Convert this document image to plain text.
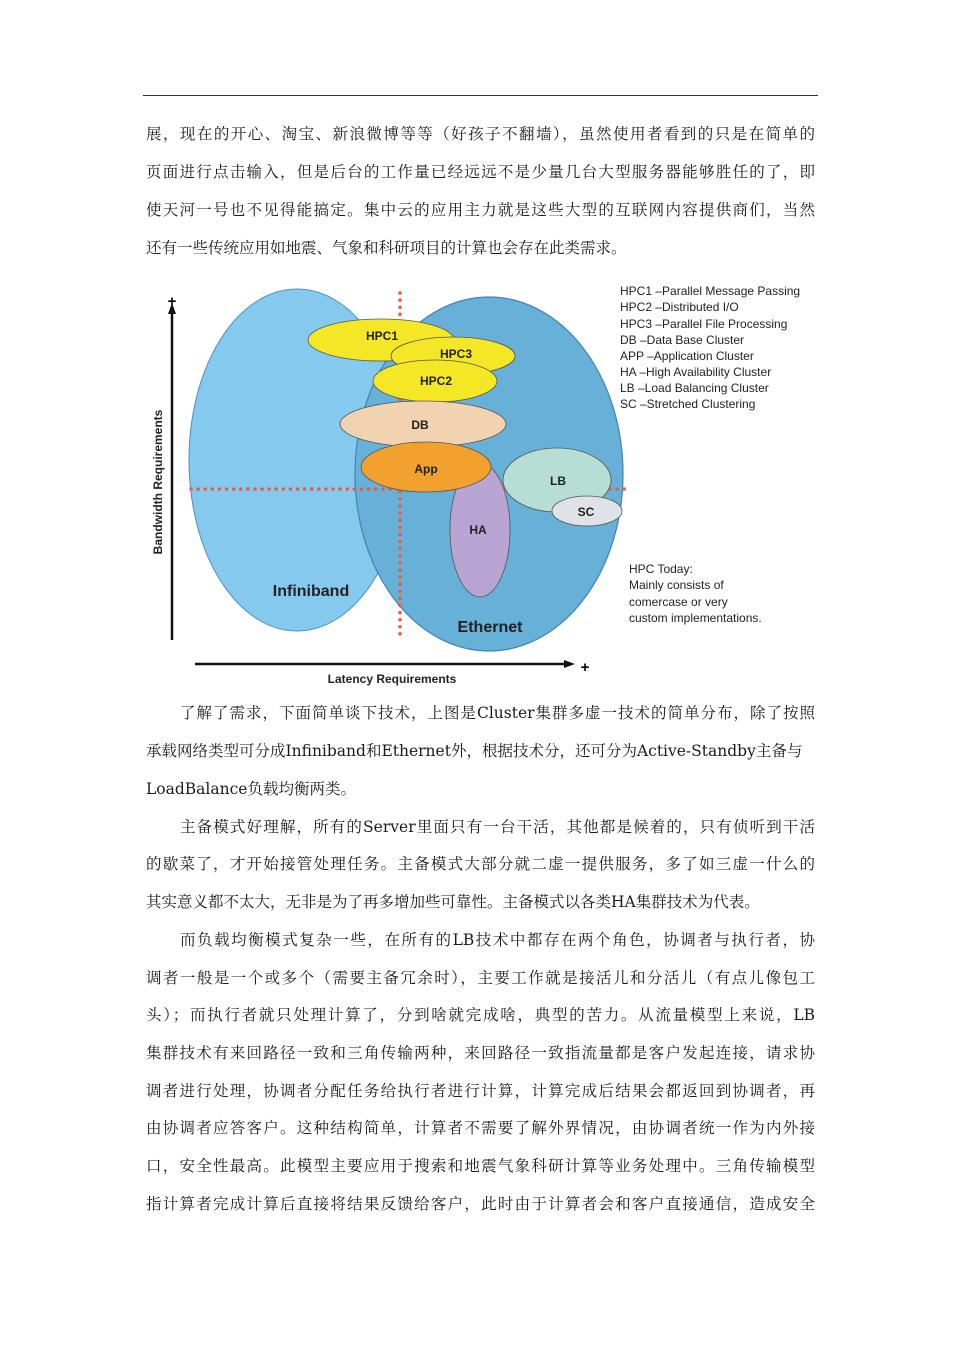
展，现在的开心、淘宝、新浪微博等等（好孩子不翻墙），虽然使用者看到的只是在简单的
页面进行点击输入，但是后台的工作量已经远远不是少量几台大型服务器能够胜任的了，即
使天河一号也不见得能搞定。集中云的应用主力就是这些大型的互联网内容提供商们，当然
还有一些传统应用如地震、气象和科研项目的计算也会存在此类需求。
HPC1
HPC3
HPC2
DB
App
HA
LB
SC
Infiniband
Ethernet
+
+
Bandwidth Requirements
Latency Requirements
HPC1 –Parallel Message Passing
HPC2 –Distributed I/O
HPC3 –Parallel File Processing
DB –Data Base Cluster
APP –Application Cluster
HA –High Availability Cluster
LB –Load Balancing Cluster
SC –Stretched Clustering
HPC Today:
Mainly consists of
comercase or very
custom implementations.
了解了需求，下面简单谈下技术，上图是Cluster集群多虚一技术的简单分布，除了按照
承载网络类型可分成Infiniband和Ethernet外，根据技术分，还可分为Active-Standby主备与
LoadBalance负载均衡两类。
主备模式好理解，所有的Server里面只有一台干活，其他都是候着的，只有侦听到干活
的歇菜了，才开始接管处理任务。主备模式大部分就二虚一提供服务，多了如三虚一什么的
其实意义都不太大，无非是为了再多增加些可靠性。主备模式以各类HA集群技术为代表。
而负载均衡模式复杂一些，在所有的LB技术中都存在两个角色，协调者与执行者，协
调者一般是一个或多个（需要主备冗余时），主要工作就是接活儿和分活儿（有点儿像包工
头）；而执行者就只处理计算了，分到啥就完成啥，典型的苦力。从流量模型上来说，LB
集群技术有来回路径一致和三角传输两种，来回路径一致指流量都是客户发起连接，请求协
调者进行处理，协调者分配任务给执行者进行计算，计算完成后结果会都返回到协调者，再
由协调者应答客户。这种结构简单，计算者不需要了解外界情况，由协调者统一作为内外接
口，安全性最高。此模型主要应用于搜索和地震气象科研计算等业务处理中。三角传输模型
指计算者完成计算后直接将结果反馈给客户，此时由于计算者会和客户直接通信，造成安全
